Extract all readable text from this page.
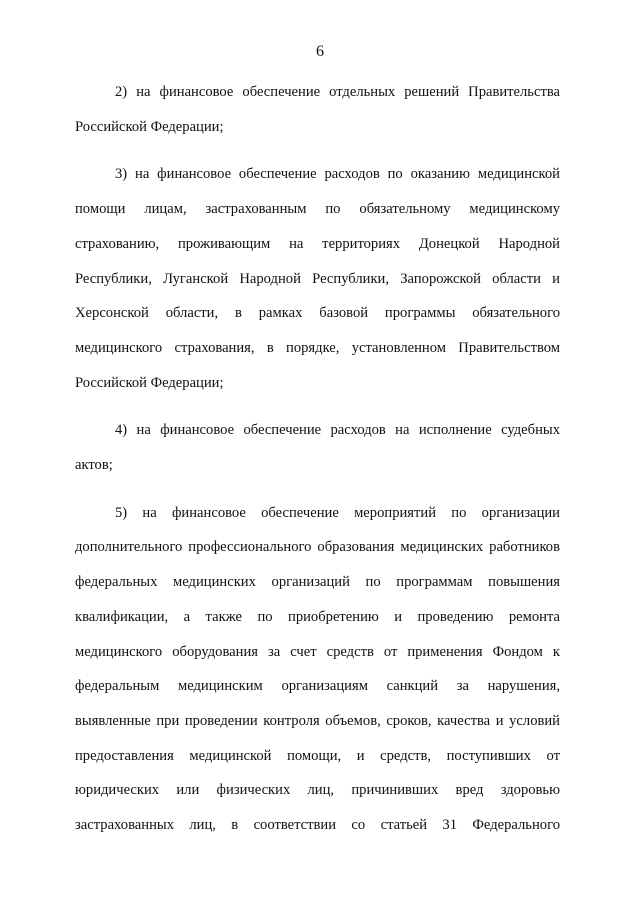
6

2) на финансовое обеспечение отдельных решений Правительства Российской Федерации;

3) на финансовое обеспечение расходов по оказанию медицинской помощи лицам, застрахованным по обязательному медицинскому страхованию, проживающим на территориях Донецкой Народной Республики, Луганской Народной Республики, Запорожской области и Херсонской области, в рамках базовой программы обязательного медицинского страхования, в порядке, установленном Правительством Российской Федерации;

4) на финансовое обеспечение расходов на исполнение судебных актов;

5) на финансовое обеспечение мероприятий по организации дополнительного профессионального образования медицинских работников федеральных медицинских организаций по программам повышения квалификации, а также по приобретению и проведению ремонта медицинского оборудования за счет средств от применения Фондом к федеральным медицинским организациям санкций за нарушения, выявленные при проведении контроля объемов, сроков, качества и условий предоставления медицинской помощи, и средств, поступивших от юридических или физических лиц, причинивших вред здоровью застрахованных лиц, в соответствии со статьей 31 Федерального
